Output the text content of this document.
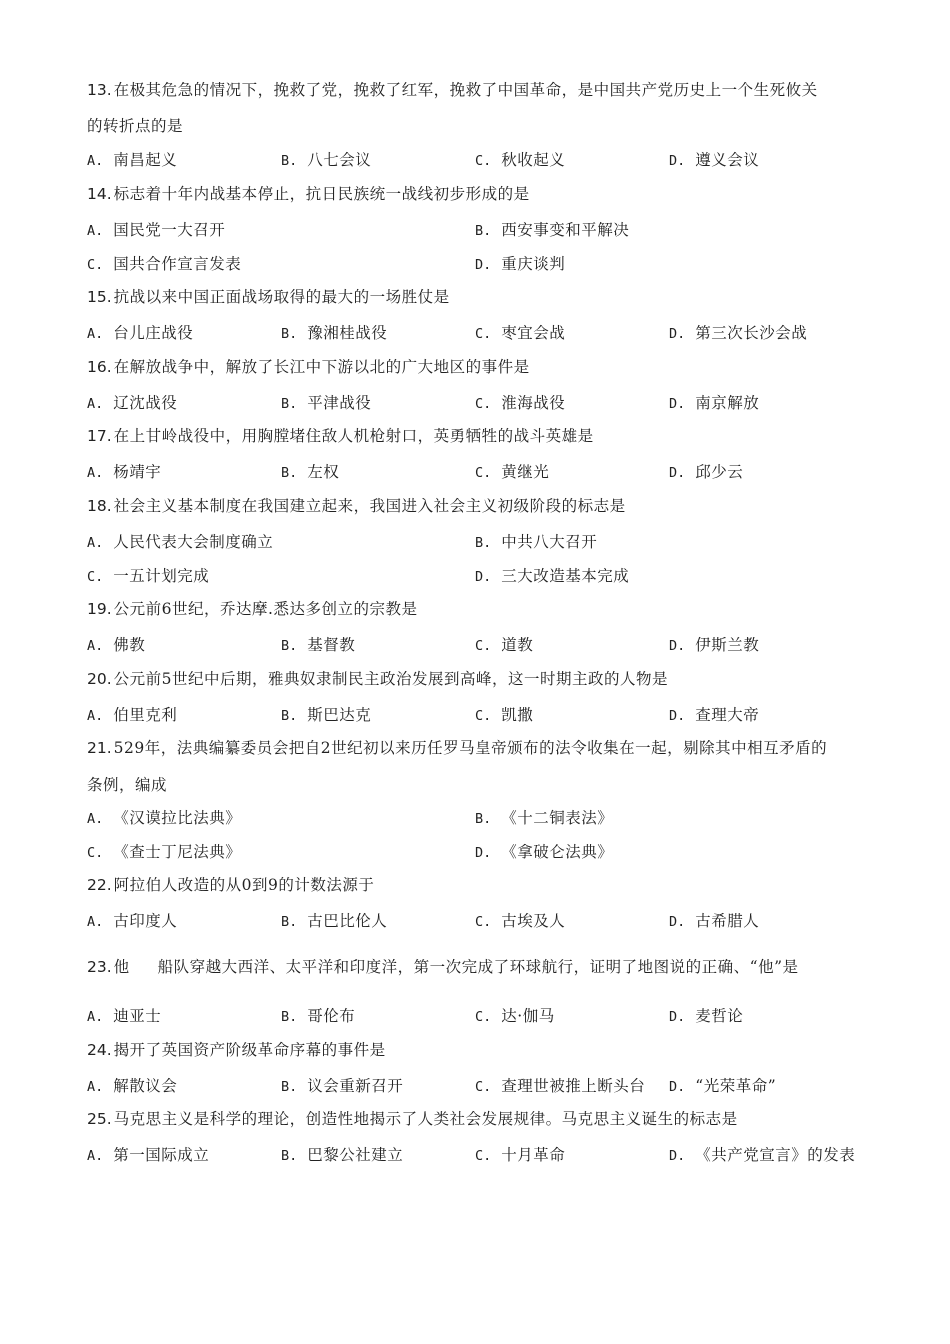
13. 在极其危急的情况下，挽救了党，挽救了红军，挽救了中国革命，是中国共产党历史上一个生死攸关

的转折点的是

A. 南昌起义	B. 八七会议	C. 秋收起义	D. 遵义会议

14. 标志着十年内战基本停止，抗日民族统一战线初步形成的是

A. 国民党一大召开	B. 西安事变和平解决
C. 国共合作宣言发表	D. 重庆谈判

15. 抗战以来中国正面战场取得的最大的一场胜仗是

A. 台儿庄战役	B. 豫湘桂战役	C. 枣宜会战	D. 第三次长沙会战

16. 在解放战争中，解放了长江中下游以北的广大地区的事件是

A. 辽沈战役	B. 平津战役	C. 淮海战役	D. 南京解放

17. 在上甘岭战役中，用胸膛堵住敌人机枪射口，英勇牺牲的战斗英雄是

A. 杨靖宇	B. 左权	C. 黄继光	D. 邱少云

18. 社会主义基本制度在我国建立起来，我国进入社会主义初级阶段的标志是

A. 人民代表大会制度确立	B. 中共八大召开
C. 一五计划完成	D. 三大改造基本完成

19. 公元前6世纪，乔达摩.悉达多创立的宗教是

A. 佛教	B. 基督教	C. 道教	D. 伊斯兰教

20. 公元前5世纪中后期，雅典奴隶制民主政治发展到高峰，这一时期主政的人物是

A. 伯里克利	B. 斯巴达克	C. 凯撒	D. 查理大帝

21. 529年，法典编纂委员会把自2世纪初以来历任罗马皇帝颁布的法令收集在一起，剔除其中相互矛盾的

条例，编成

A. 《汉谟拉比法典》	B. 《十二铜表法》
C. 《查士丁尼法典》	D. 《拿破仑法典》

22. 阿拉伯人改造的从0到9的计数法源于

A. 古印度人	B. 古巴比伦人	C. 古埃及人	D. 古希腊人

23. 他 船队穿越大西洋、太平洋和印度洋，第一次完成了环球航行，证明了地图说的正确、“他”是

A. 迪亚士	B. 哥伦布	C. 达·伽马	D. 麦哲论

24. 揭开了英国资产阶级革命序幕的事件是

A. 解散议会	B. 议会重新召开	C. 查理世被推上断头台 D. “光荣革命”

25. 马克思主义是科学的理论，创造性地揭示了人类社会发展规律。马克思主义诞生的标志是

A. 第一国际成立	B. 巴黎公社建立	C. 十月革命	D. 《共产党宣言》的发表
